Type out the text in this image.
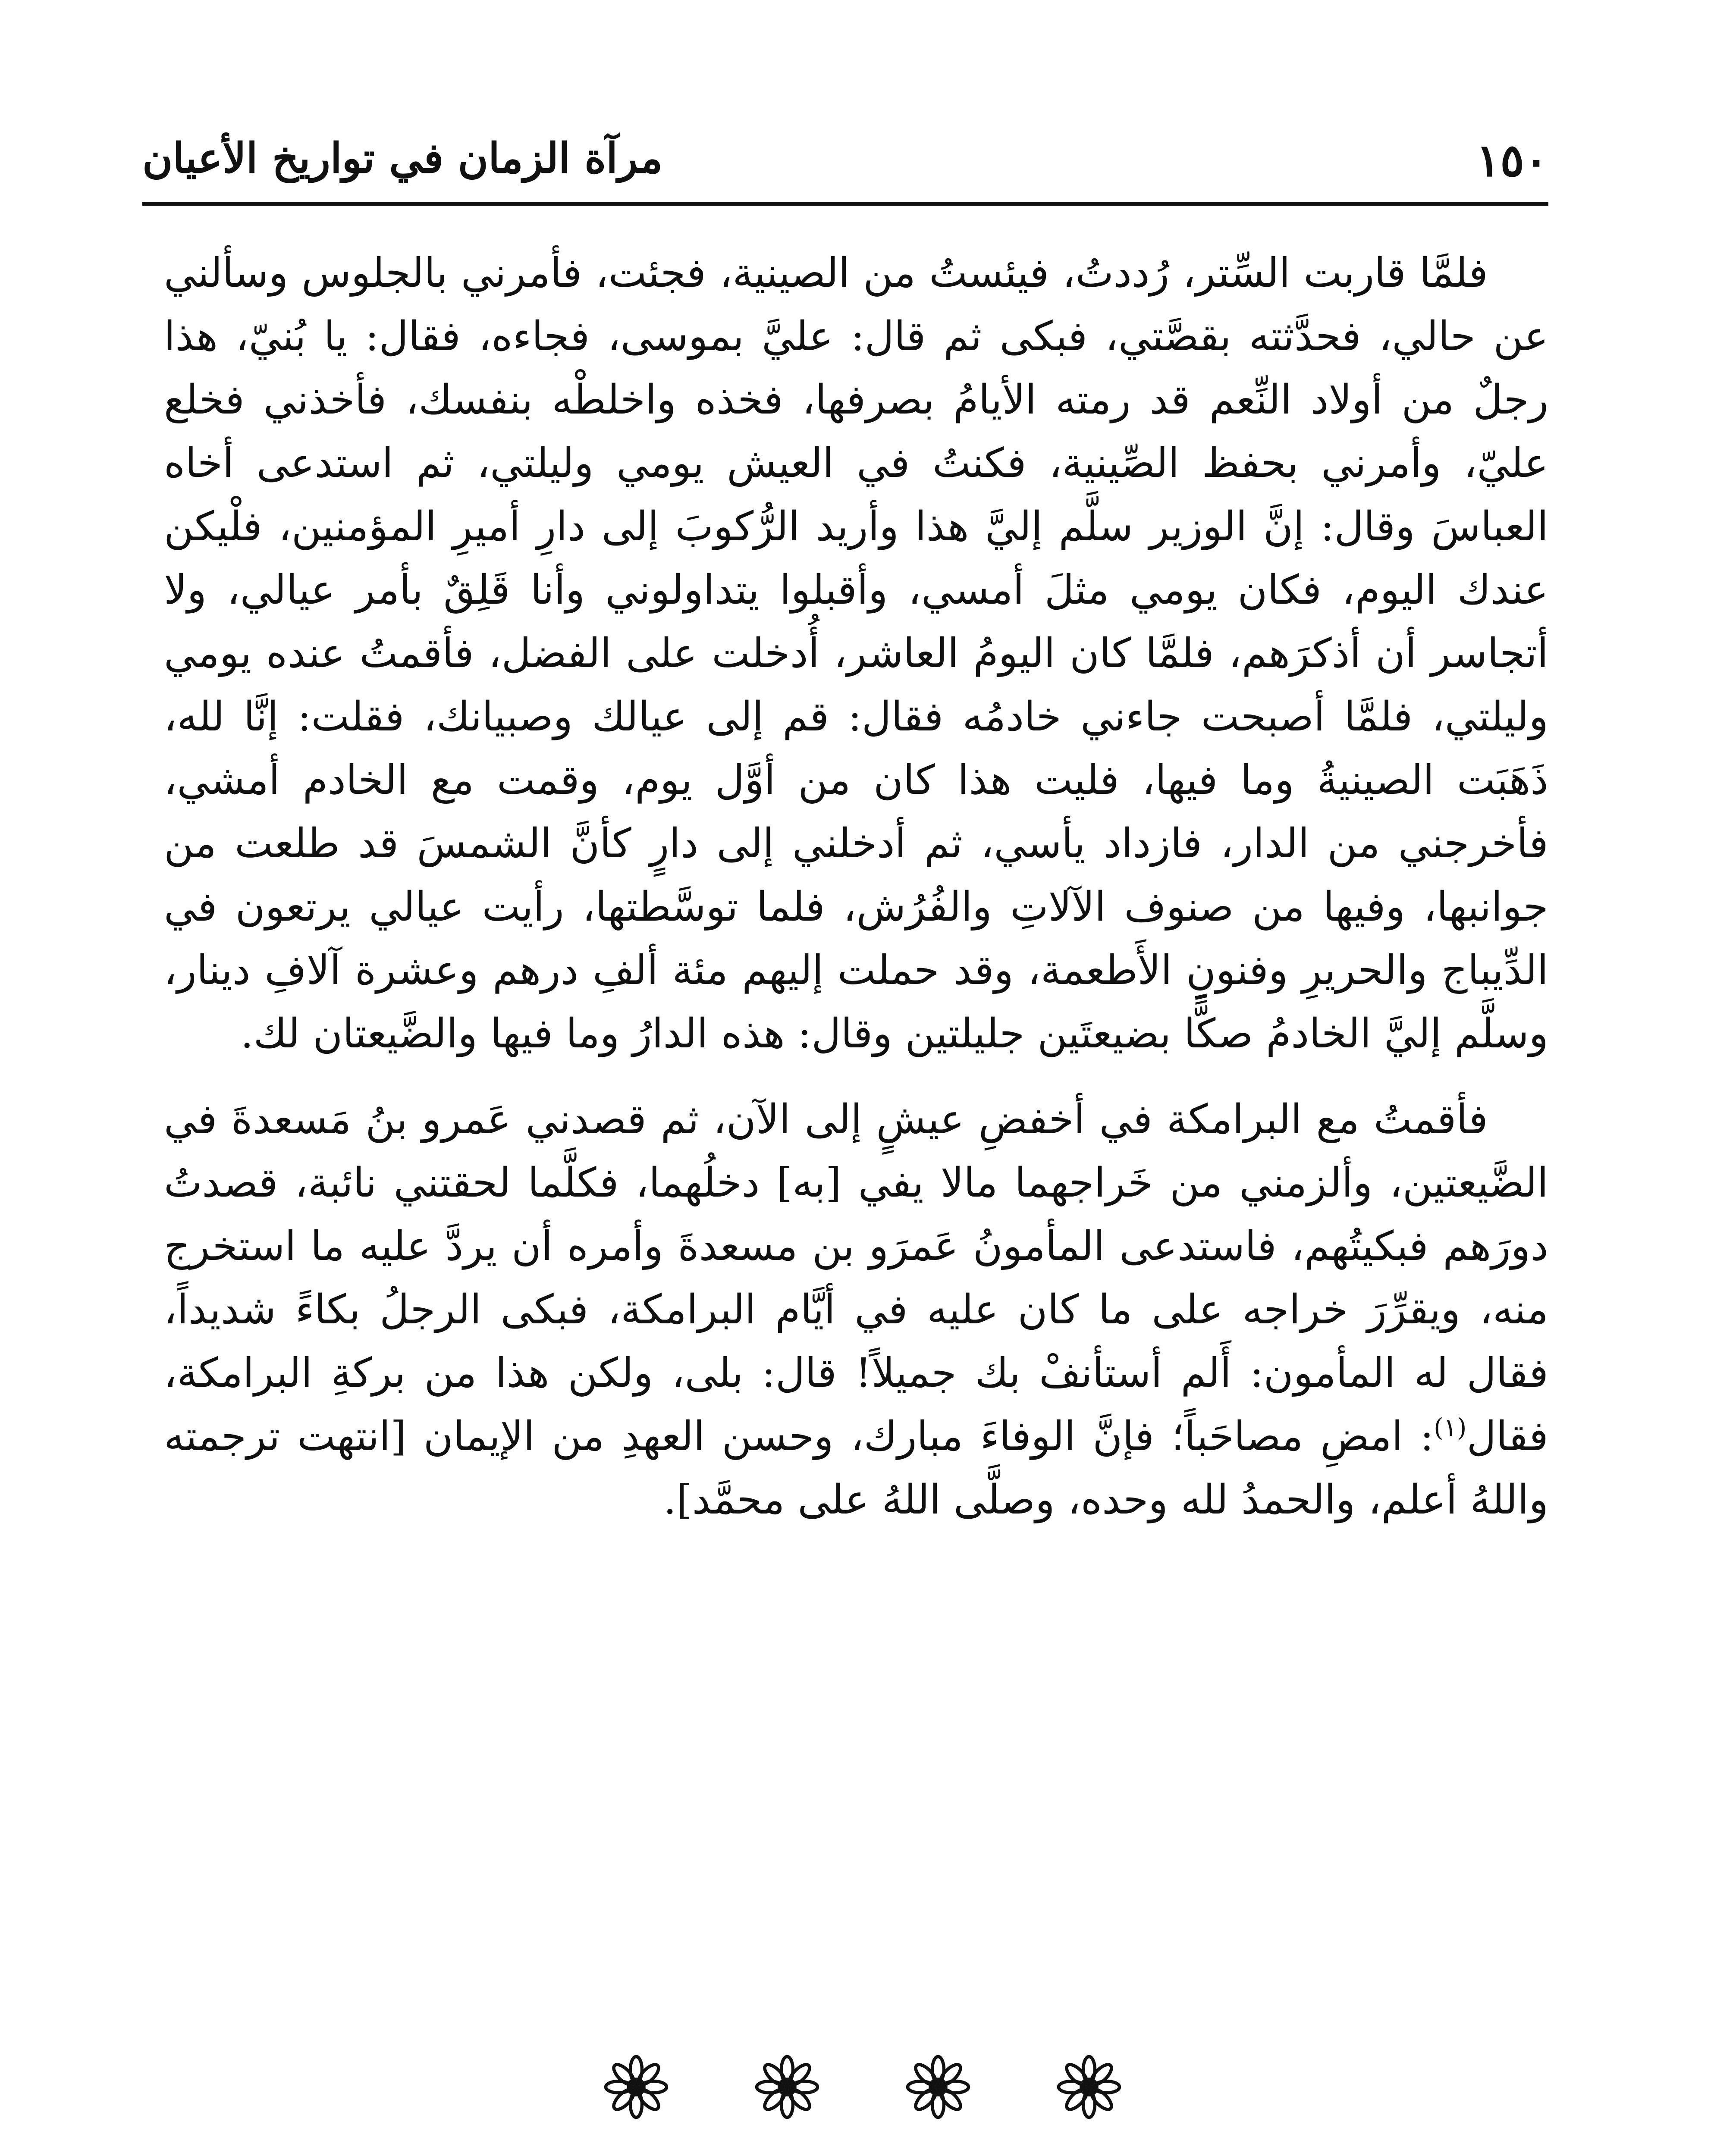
١٥٠
مرآة الزمان في تواريخ الأعيان

فلمَّا قاربت السِّتر، رُددتُ، فيئستُ من الصينية، فجئت، فأمرني بالجلوس وسألني عن حالي، فحدَّثته بقصَّتي، فبكى ثم قال: عليَّ بموسى، فجاءه، فقال: يا بُنيّ، هذا رجلٌ من أولاد النِّعم قد رمته الأيامُ بصرفها، فخذه واخلطْه بنفسك، فأخذني فخلع عليّ، وأمرني بحفظ الصِّينية، فكنتُ في العيش يومي وليلتي، ثم استدعى أخاه العباسَ وقال: إنَّ الوزير سلَّم إليَّ هذا وأريد الرُّكوبَ إلى دارِ أميرِ المؤمنين، فلْيكن عندك اليوم، فكان يومي مثلَ أمسي، وأقبلوا يتداولوني وأنا قَلِقٌ بأمر عيالي، ولا أتجاسر أن أذكرَهم، فلمَّا كان اليومُ العاشر، أُدخلت على الفضل، فأقمتُ عنده يومي وليلتي، فلمَّا أصبحت جاءني خادمُه فقال: قم إلى عيالك وصبيانك، فقلت: إنَّا لله، ذَهَبَت الصينيةُ وما فيها، فليت هذا كان من أوَّل يوم، وقمت مع الخادم أمشي، فأخرجني من الدار، فازداد يأسي، ثم أدخلني إلى دارٍ كأنَّ الشمسَ قد طلعت من جوانبها، وفيها من صنوف الآلاتِ والفُرُش، فلما توسَّطتها، رأيت عيالي يرتعون في الدِّيباج والحريرِ وفنونِ الأَطعمة، وقد حملت إليهم مئة ألفِ درهم وعشرة آلافِ دينار، وسلَّم إليَّ الخادمُ صكًّا بضيعتَين جليلتين وقال: هذه الدارُ وما فيها والضَّيعتان لك.

فأقمتُ مع البرامكة في أخفضِ عيشٍ إلى الآن، ثم قصدني عَمرو بنُ مَسعدةَ في الضَّيعتين، وألزمني من خَراجهما مالا يفي [به] دخلُهما، فكلَّما لحقتني نائبة، قصدتُ دورَهم فبكيتُهم، فاستدعى المأمونُ عَمرَو بن مسعدةَ وأمره أن يردَّ عليه ما استخرج منه، ويقرِّرَ خراجه على ما كان عليه في أيَّام البرامكة، فبكى الرجلُ بكاءً شديداً، فقال له المأمون: أَلم أستأنفْ بك جميلاً! قال: بلى، ولكن هذا من بركةِ البرامكة، فقال$^{(١)}$: امضِ مصاحَباً؛ فإنَّ الوفاءَ مبارك، وحسن العهدِ من الإيمان [انتهت ترجمته واللهُ أعلم، والحمدُ لله وحده، وصلَّى اللهُ على محمَّد].
